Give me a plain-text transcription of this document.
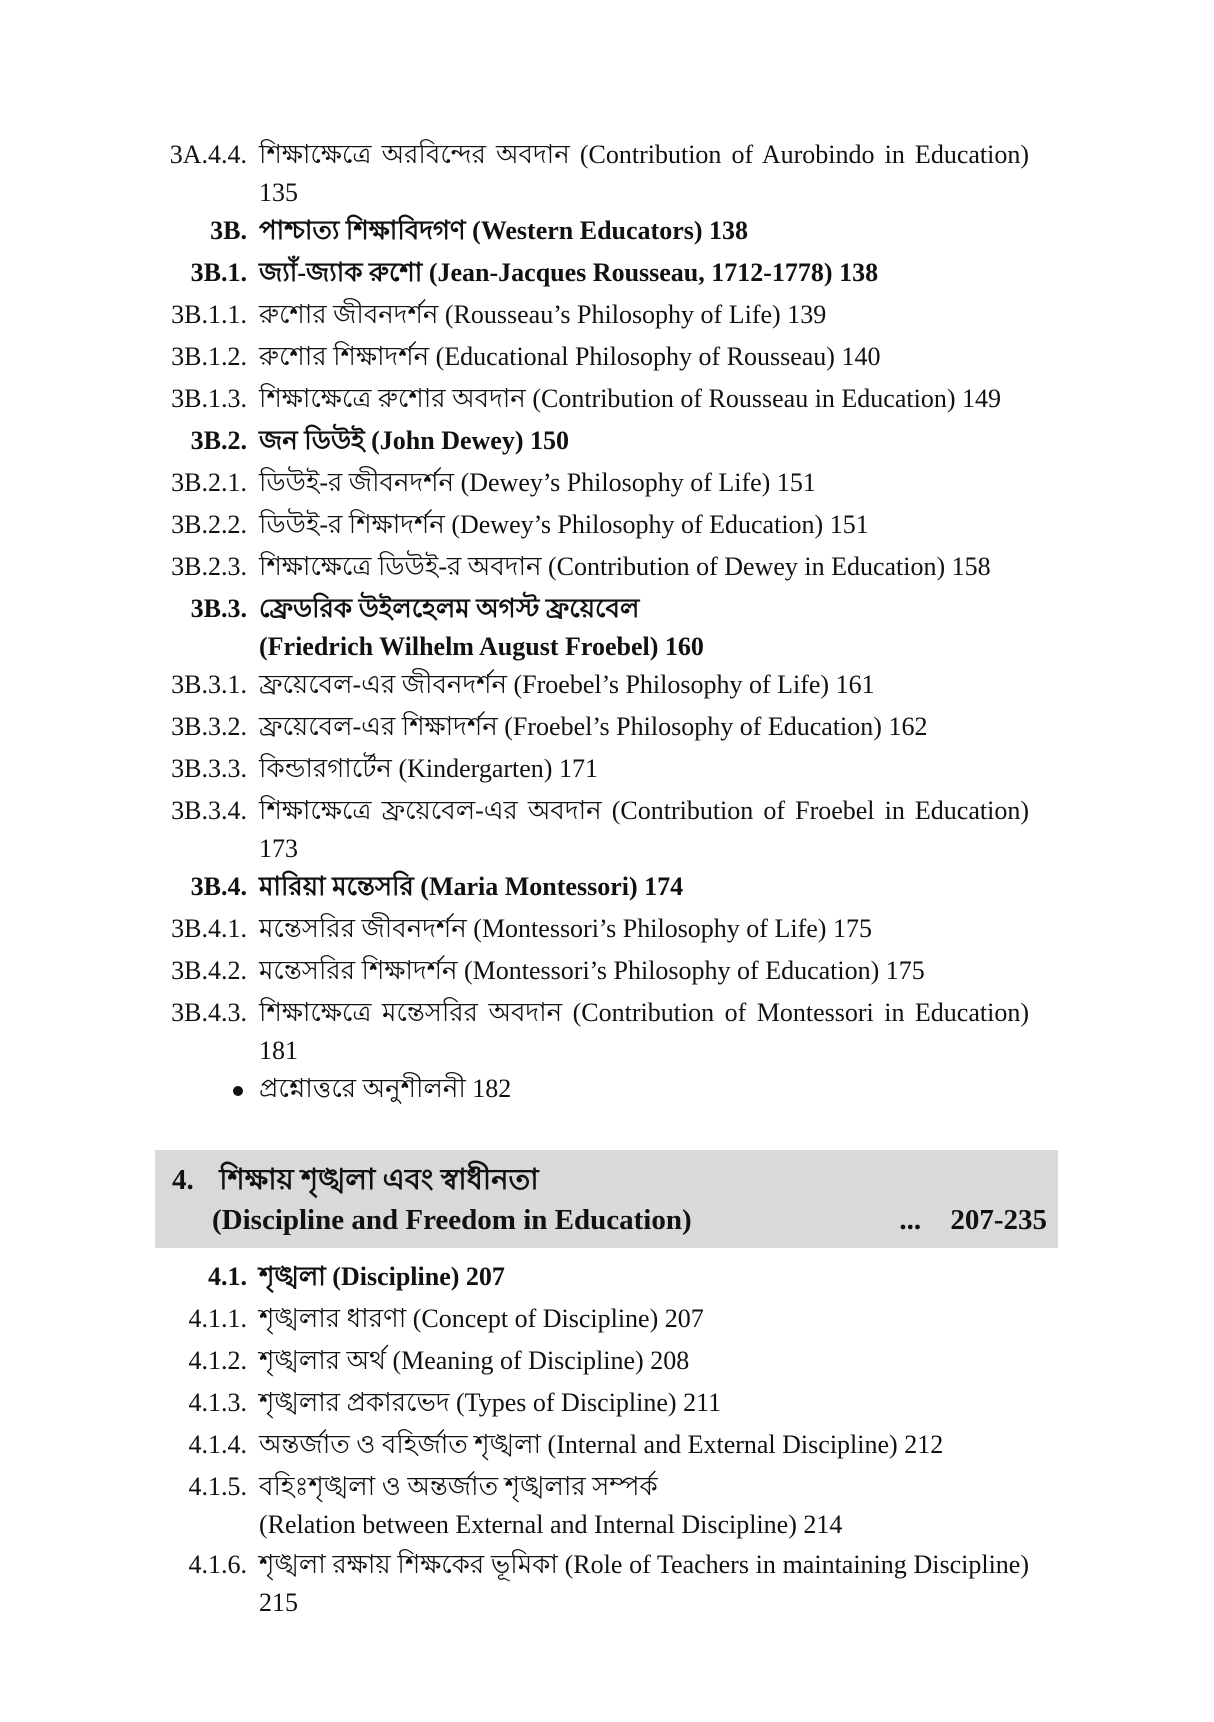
3A.4.4. শিক্ষাক্ষেত্রে অরবিন্দের অবদান (Contribution of Aurobindo in Education) 135
3B. পাশ্চাত্য শিক্ষাবিদগণ (Western Educators) 138
3B.1. জ্যাঁ-জ্যাক রুশো (Jean-Jacques Rousseau, 1712-1778) 138
3B.1.1. রুশোর জীবনদর্শন (Rousseau’s Philosophy of Life) 139
3B.1.2. রুশোর শিক্ষাদর্শন (Educational Philosophy of Rousseau) 140
3B.1.3. শিক্ষাক্ষেত্রে রুশোর অবদান (Contribution of Rousseau in Education) 149
3B.2. জন ডিউই (John Dewey) 150
3B.2.1. ডিউই-র জীবনদর্শন (Dewey’s Philosophy of Life) 151
3B.2.2. ডিউই-র শিক্ষাদর্শন (Dewey’s Philosophy of Education) 151
3B.2.3. শিক্ষাক্ষেত্রে ডিউই-র অবদান (Contribution of Dewey in Education) 158
3B.3. ফ্রেডরিক উইলহেলম অগস্ট ফ্রয়েবেল
(Friedrich Wilhelm August Froebel) 160
3B.3.1. ফ্রয়েবেল-এর জীবনদর্শন (Froebel’s Philosophy of Life) 161
3B.3.2. ফ্রয়েবেল-এর শিক্ষাদর্শন (Froebel’s Philosophy of Education) 162
3B.3.3. কিন্ডারগার্টেন (Kindergarten) 171
3B.3.4. শিক্ষাক্ষেত্রে ফ্রয়েবেল-এর অবদান (Contribution of Froebel in Education) 173
3B.4. মারিয়া মন্তেসরি (Maria Montessori) 174
3B.4.1. মন্তেসরির জীবনদর্শন (Montessori’s Philosophy of Life) 175
3B.4.2. মন্তেসরির শিক্ষাদর্শন (Montessori’s Philosophy of Education) 175
3B.4.3. শিক্ষাক্ষেত্রে মন্তেসরির অবদান (Contribution of Montessori in Education) 181
প্রশ্নোত্তরে অনুশীলনী 182
4. শিক্ষায় শৃঙ্খলা এবং স্বাধীনতা
(Discipline and Freedom in Education)	... 207-235
4.1. শৃঙ্খলা (Discipline) 207
4.1.1. শৃঙ্খলার ধারণা (Concept of Discipline) 207
4.1.2. শৃঙ্খলার অর্থ (Meaning of Discipline) 208
4.1.3. শৃঙ্খলার প্রকারভেদ (Types of Discipline) 211
4.1.4. অন্তর্জাত ও বহির্জাত শৃঙ্খলা (Internal and External Discipline) 212
4.1.5. বহিঃশৃঙ্খলা ও অন্তর্জাত শৃঙ্খলার সম্পর্ক
(Relation between External and Internal Discipline) 214
4.1.6. শৃঙ্খলা রক্ষায় শিক্ষকের ভূমিকা (Role of Teachers in maintaining Discipline) 215
